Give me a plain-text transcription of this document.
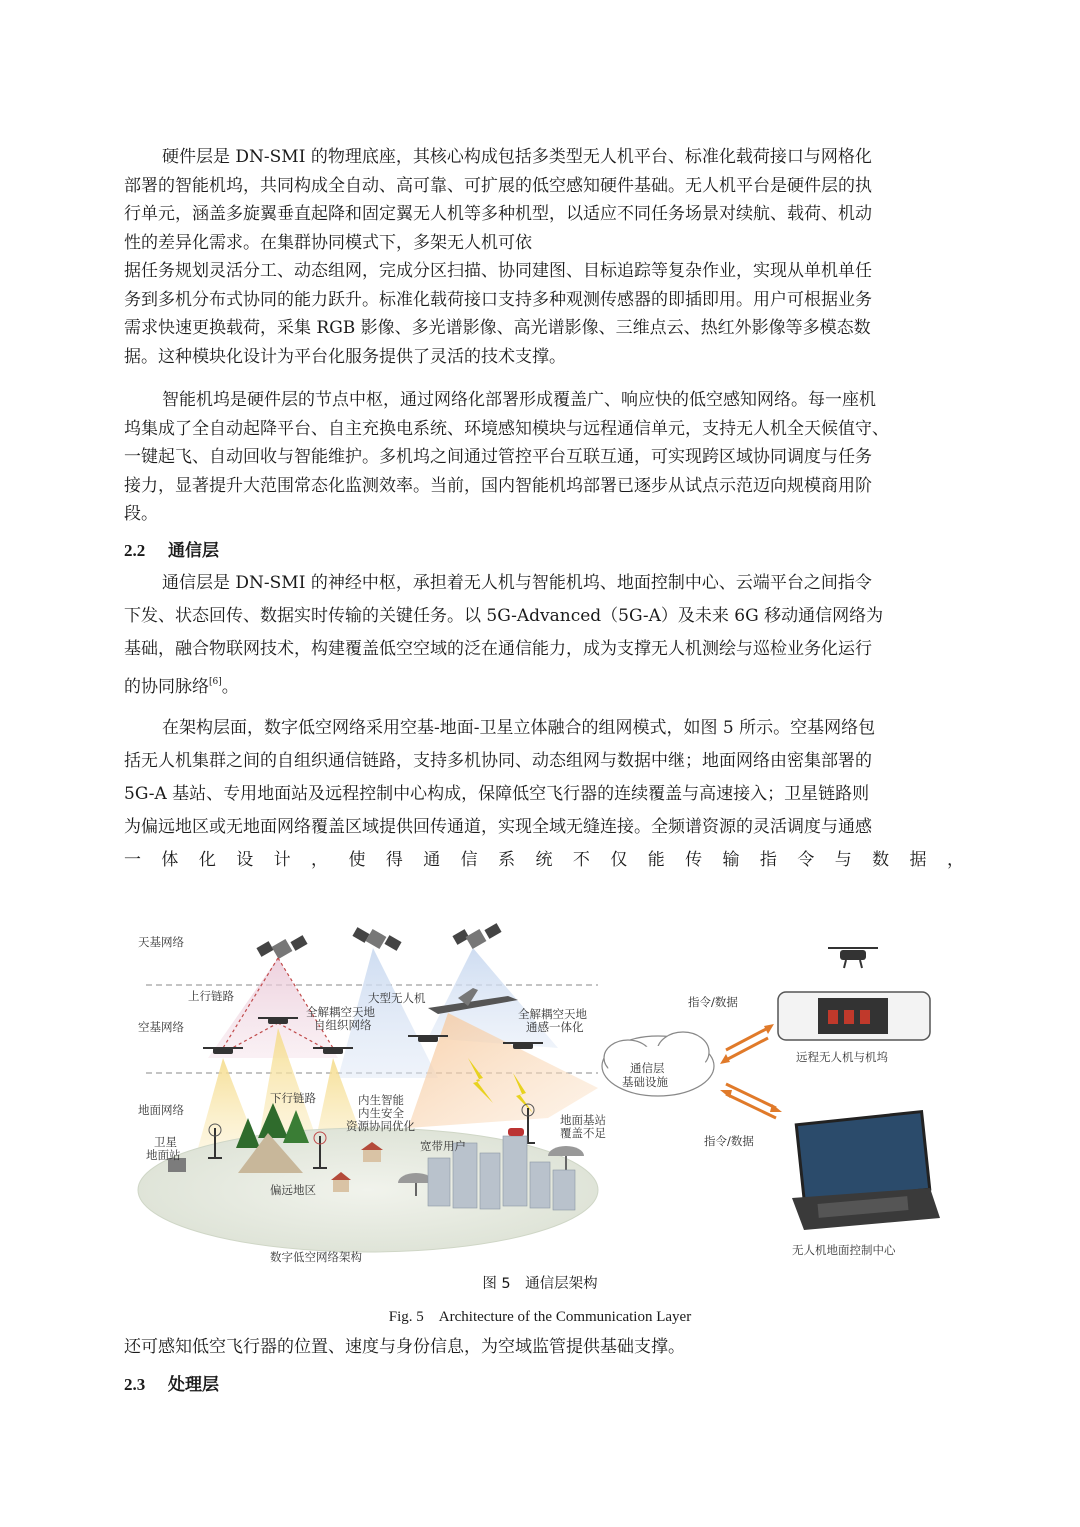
硬件层是 DN-SMI 的物理底座，其核心构成包括多类型无人机平台、标准化载荷接口与网格化
部署的智能机坞，共同构成全自动、高可靠、可扩展的低空感知硬件基础。无人机平台是硬件层的执
行单元，涵盖多旋翼垂直起降和固定翼无人机等多种机型，以适应不同任务场景对续航、载荷、机动
性的差异化需求。在集群协同模式下，多架无人机可依
据任务规划灵活分工、动态组网，完成分区扫描、协同建图、目标追踪等复杂作业，实现从单机单任
务到多机分布式协同的能力跃升。标准化载荷接口支持多种观测传感器的即插即用。用户可根据业务
需求快速更换载荷，采集 RGB 影像、多光谱影像、高光谱影像、三维点云、热红外影像等多模态数
据。这种模块化设计为平台化服务提供了灵活的技术支撑。
智能机坞是硬件层的节点中枢，通过网络化部署形成覆盖广、响应快的低空感知网络。每一座机
坞集成了全自动起降平台、自主充换电系统、环境感知模块与远程通信单元，支持无人机全天候值守、
一键起飞、自动回收与智能维护。多机坞之间通过管控平台互联互通，可实现跨区域协同调度与任务
接力，显著提升大范围常态化监测效率。当前，国内智能机坞部署已逐步从试点示范迈向规模商用阶
段。
2.2 通信层
通信层是 DN-SMI 的神经中枢，承担着无人机与智能机坞、地面控制中心、云端平台之间指令
下发、状态回传、数据实时传输的关键任务。以 5G-Advanced（5G-A）及未来 6G 移动通信网络为
基础，融合物联网技术，构建覆盖低空空域的泛在通信能力，成为支撑无人机测绘与巡检业务化运行
的协同脉络[6]。
在架构层面，数字低空网络采用空基-地面-卫星立体融合的组网模式，如图 5 所示。空基网络包
括无人机集群之间的自组织通信链路，支持多机协同、动态组网与数据中继；地面网络由密集部署的
5G-A 基站、专用地面站及远程控制中心构成，保障低空飞行器的连续覆盖与高速接入；卫星链路则
为偏远地区或无地面网络覆盖区域提供回传通道，实现全域无缝连接。全频谱资源的灵活调度与通感
一 体 化 设 计 ， 使 得 通 信 系 统 不 仅 能 传 输 指 令 与 数 据 ，
天基网络
空基网络
地面网络
上行链路
下行链路
大型无人机
全解耦空天地
自组织网络
全解耦空天地
通感一体化
内生智能
内生安全
资源协同优化
宽带用户
地面基站
覆盖不足
卫星
地面站
偏远地区
通信层
基础设施
指令/数据
指令/数据
远程无人机与机坞
无人机地面控制中心
数字低空网络架构

图 5　通信层架构

Fig. 5　Architecture of the Communication Layer

还可感知低空飞行器的位置、速度与身份信息，为空域监管提供基础支撑。
2.3 处理层
